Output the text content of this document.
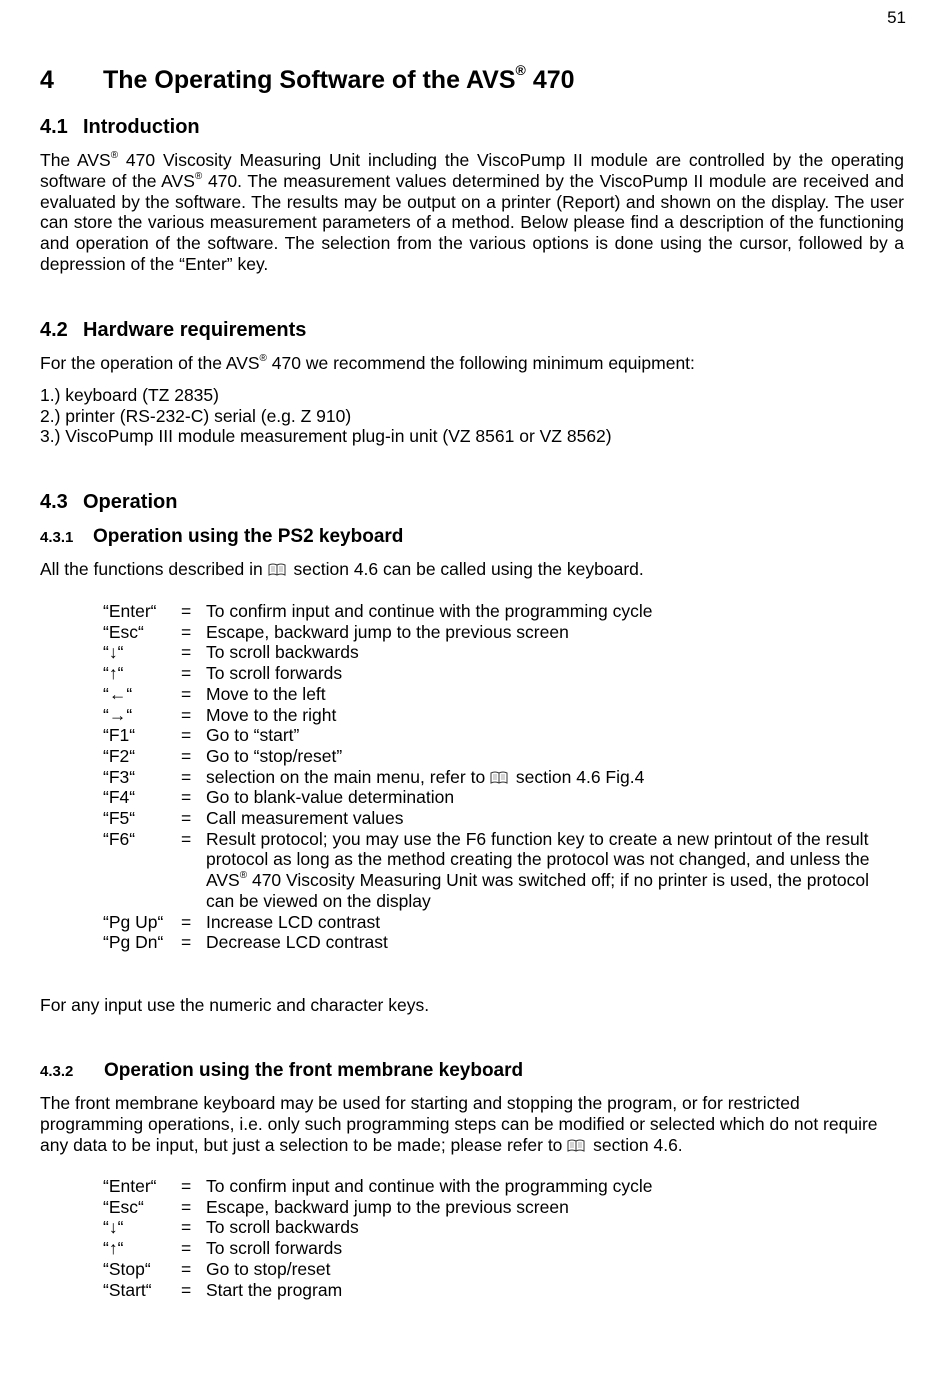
51
4 The Operating Software of the AVS® 470
4.1 Introduction
The AVS® 470 Viscosity Measuring Unit including the ViscoPump II module are controlled by the operating software of the AVS® 470. The measurement values determined by the ViscoPump II module are received and evaluated by the software. The results may be output on a printer (Report) and shown on the display. The user can store the various measurement parameters of a method. Below please find a description of the functioning and operation of the software. The selection from the various options is done using the cursor, followed by a depression of the “Enter” key.
4.2 Hardware requirements
For the operation of the AVS® 470 we recommend the following minimum equipment:
1.) keyboard (TZ 2835)
2.) printer (RS-232-C) serial (e.g. Z 910)
3.) ViscoPump III module measurement plug-in unit (VZ 8561 or VZ 8562)
4.3 Operation
4.3.1 Operation using the PS2 keyboard
All the functions described in
section 4.6 can be called using the keyboard.
“Enter“	= To confirm input and continue with the programming cycle
“Esc“	= Escape, backward jump to the previous screen
“↓“	= To scroll backwards
“↑“	= To scroll forwards
“←“	= Move to the left
“→“	= Move to the right
“F1“	= Go to “start”
“F2“	= Go to “stop/reset”
“F3“	= selection on the main menu, refer to
section 4.6 Fig.4
“F4“	= Go to blank-value determination
“F5“	= Call measurement values
“F6“	= Result protocol; you may use the F6 function key to create a new printout of the result protocol as long as the method creating the protocol was not changed, and unless the AVS® 470 Viscosity Measuring Unit was switched off; if no printer is used, the protocol can be viewed on the display
“Pg Up“	= Increase LCD contrast
“Pg Dn“	= Decrease LCD contrast
For any input use the numeric and character keys.
4.3.2 Operation using the front membrane keyboard
The front membrane keyboard may be used for starting and stopping the program, or for restricted programming operations, i.e. only such programming steps can be modified or selected which do not require any data to be input, but just a selection to be made; please refer to
section 4.6.
“Enter“	= To confirm input and continue with the programming cycle
“Esc“	= Escape, backward jump to the previous screen
“↓“	= To scroll backwards
“↑“	= To scroll forwards
“Stop“	= Go to stop/reset
“Start“	= Start the program
